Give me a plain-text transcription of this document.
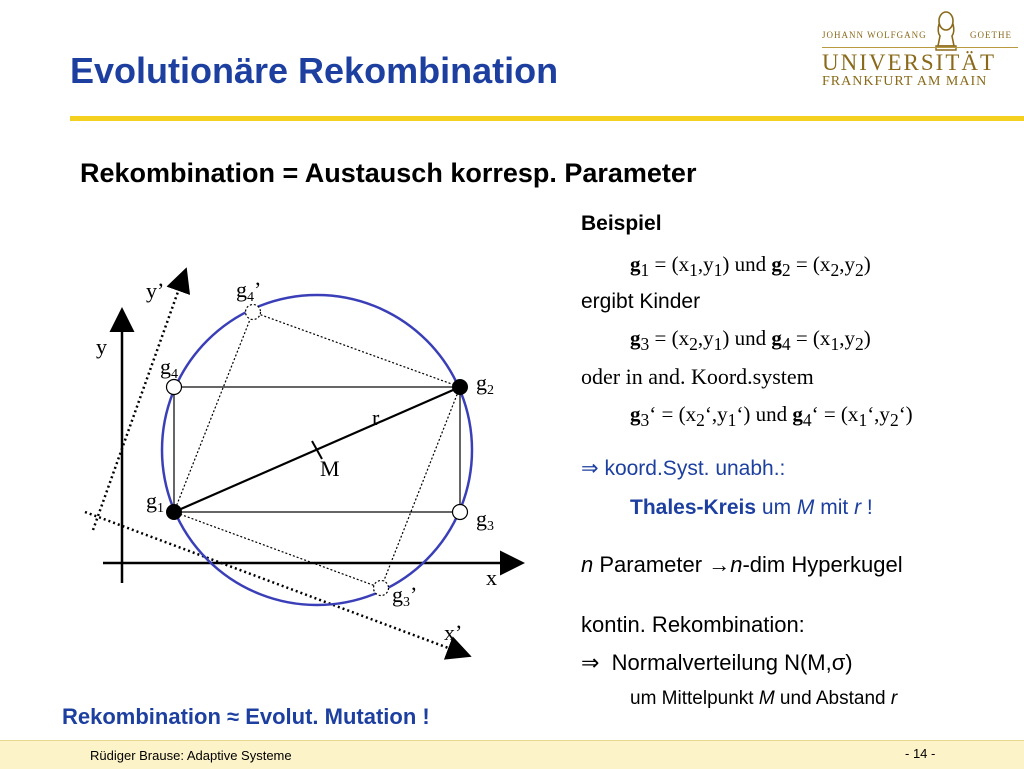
Evolutionäre Rekombination
JOHANN WOLFGANG	GOETHE
UNIVERSITÄT
FRANKFURT AM MAIN
Rekombination = Austausch korresp. Parameter
y’
y
x
x’
M
r
g4’
g4	g2
g1	g3
g3’
Beispiel
$g_1 = (x_1,y_1)$ und $g_2 = (x_2,y_2)$
ergibt Kinder
$g_3 = (x_2,y_1)$ und $g_4 = (x_1,y_2)$
oder in and. Koord.system
$g_3‘$ = $(x_2‘,y_1‘)$ und $g_4‘$ = $(x_1‘,y_2‘)$
⇒ koord.Syst. unabh.:
Thales-Kreis um M mit r !
n Parameter →n-dim Hyperkugel
kontin. Rekombination:
⇒  Normalverteilung N(M,σ)
um Mittelpunkt M und Abstand r
Rekombination ≈ Evolut. Mutation !
Rüdiger Brause: Adaptive Systeme	- 14 -
